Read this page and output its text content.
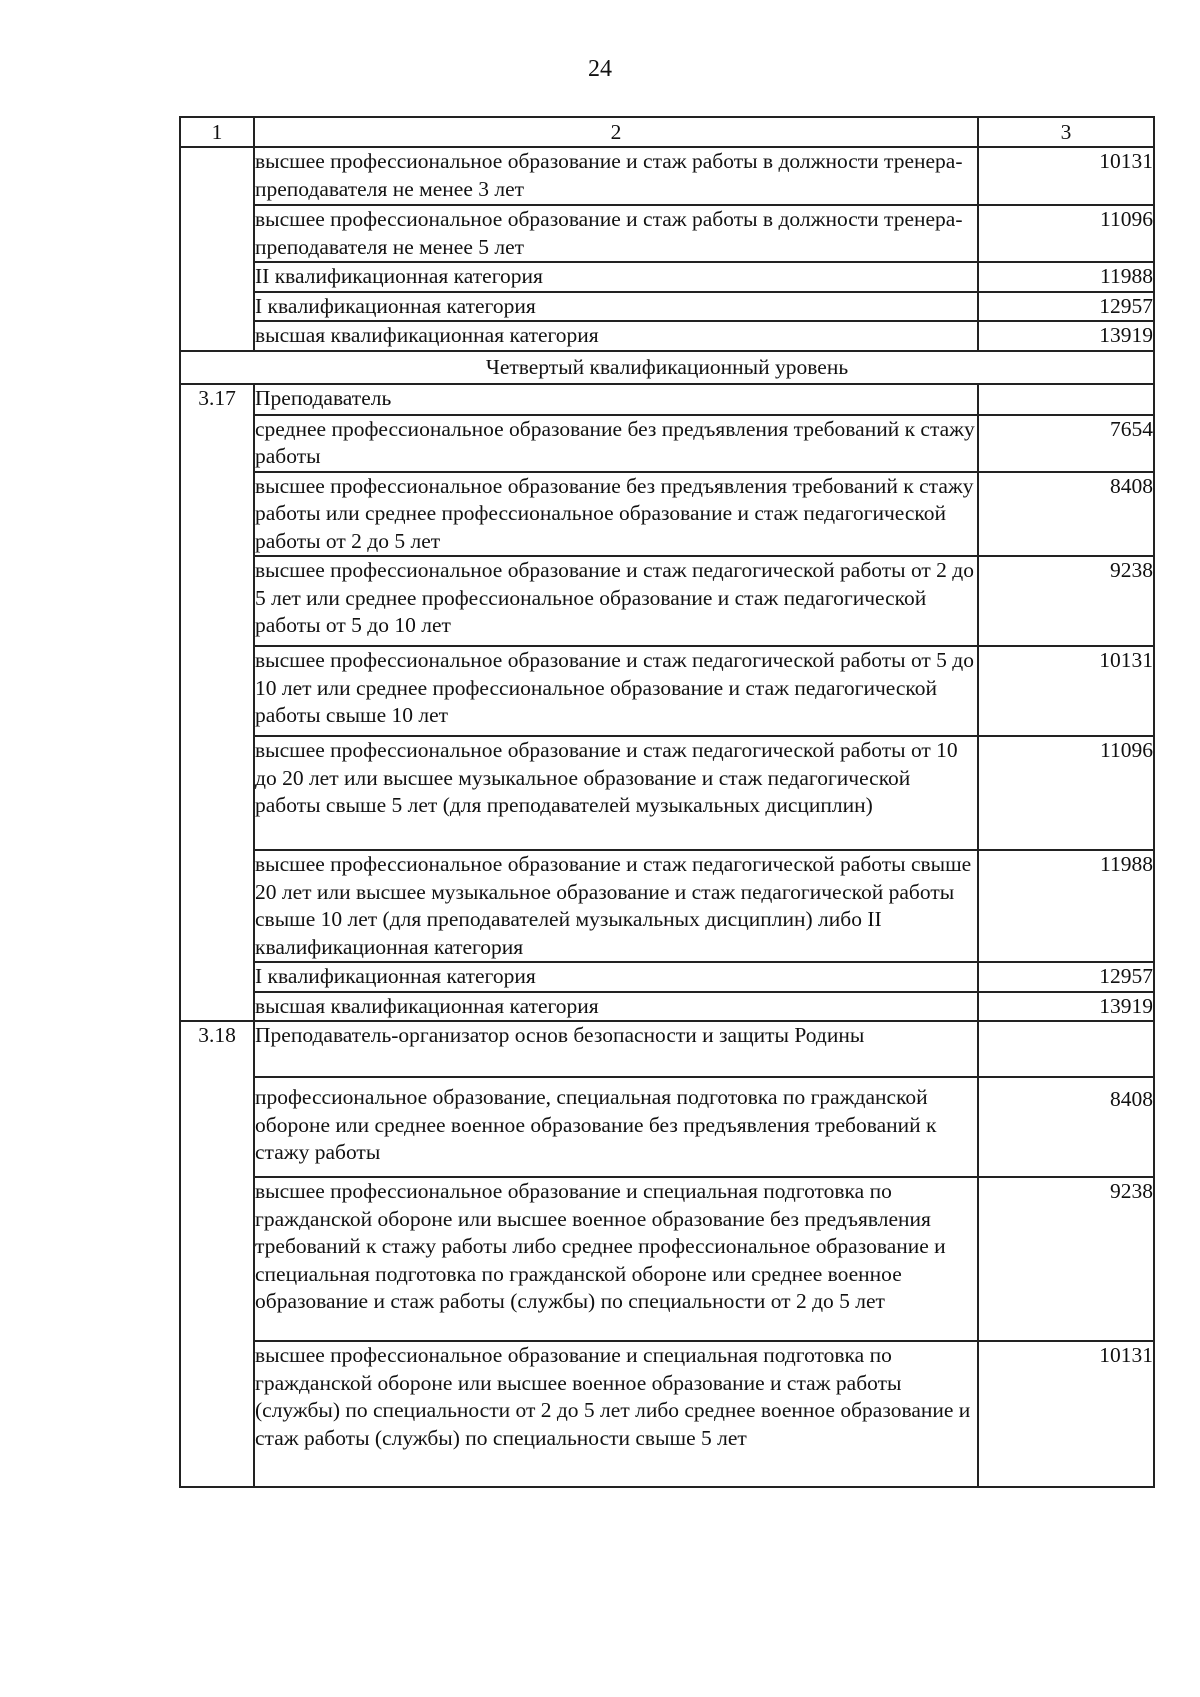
24
1	2	3
	высшее профессиональное образование и стаж работы в должности тренера-преподавателя не менее 3 лет	10131
	высшее профессиональное образование и стаж работы в должности тренера-преподавателя не менее 5 лет	11096
	II квалификационная категория	11988
	I квалификационная категория	12957
	высшая квалификационная категория	13919
Четвертый квалификационный уровень		
3.17	Преподаватель	
	среднее профессиональное образование без предъявления требований к стажу работы	7654
	высшее профессиональное образование без предъявления требований к стажу работы или среднее профессиональное образование и стаж педагогической работы от 2 до 5 лет	8408
	высшее профессиональное образование и стаж педагогической работы от 2 до 5 лет или среднее профессиональное образование и стаж педагогической работы от 5 до 10 лет	9238
	высшее профессиональное образование и стаж педагогической работы от 5 до 10 лет или среднее профессиональное образование и стаж педагогической работы свыше 10 лет	10131
	высшее профессиональное образование и стаж педагогической работы от 10 до 20 лет или высшее музыкальное образование и стаж педагогической работы свыше 5 лет (для преподавателей музыкальных дисциплин)	11096
	высшее профессиональное образование и стаж педагогической работы свыше 20 лет или высшее музыкальное образование и стаж педагогической работы свыше 10 лет (для преподавателей музыкальных дисциплин) либо II квалификационная категория	11988
	I квалификационная категория	12957
	высшая квалификационная категория	13919
3.18	Преподаватель-организатор основ безопасности и защиты Родины	
	профессиональное образование, специальная подготовка по гражданской обороне или среднее военное образование без предъявления требований к стажу работы	8408
	высшее профессиональное образование и специальная подготовка по гражданской обороне или высшее военное образование без предъявления требований к стажу работы либо среднее профессиональное образование и специальная подготовка по гражданской обороне или среднее военное образование и стаж работы (службы) по специальности от 2 до 5 лет	9238
	высшее профессиональное образование и специальная подготовка по гражданской обороне или высшее военное образование и стаж работы (службы) по специальности от 2 до 5 лет либо среднее военное образование и стаж работы (службы) по специальности свыше 5 лет	10131
